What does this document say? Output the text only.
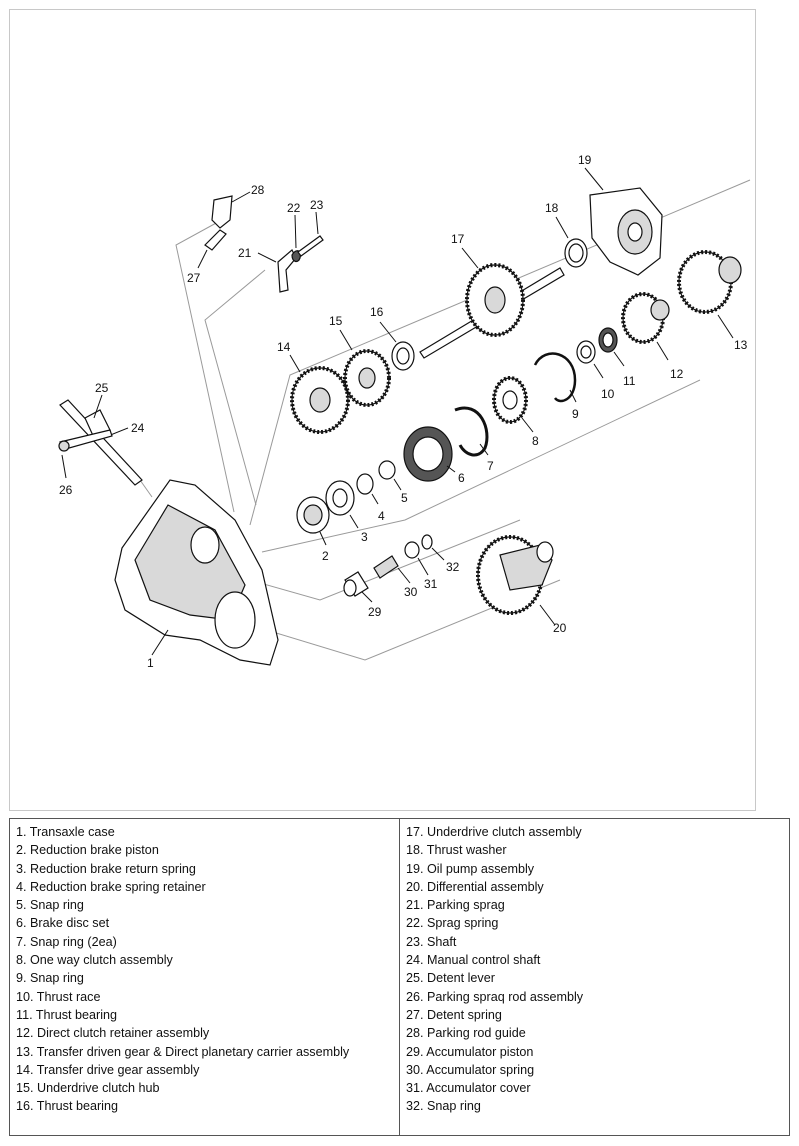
1
2
3
4
5
6
7
8
9
10
11	12
13
14
15
16
17
18
19
20
21
22 23
24
25
26
27
28
29
30
31
32
1. Transaxle case
2. Reduction brake piston
3. Reduction brake return spring
4. Reduction brake spring retainer
5. Snap ring
6. Brake disc set
7. Snap ring (2ea)
8. One way clutch assembly
9. Snap ring
10. Thrust race
11. Thrust bearing
12. Direct clutch retainer assembly
13. Transfer driven gear & Direct planetary carrier assembly
14. Transfer drive gear assembly
15. Underdrive clutch hub
16. Thrust bearing
17. Underdrive clutch assembly
18. Thrust washer
19. Oil pump assembly
20. Differential assembly
21. Parking sprag
22. Sprag spring
23. Shaft
24. Manual control shaft
25. Detent lever
26. Parking spraq rod assembly
27. Detent spring
28. Parking rod guide
29. Accumulator piston
30. Accumulator spring
31. Accumulator cover
32. Snap ring
